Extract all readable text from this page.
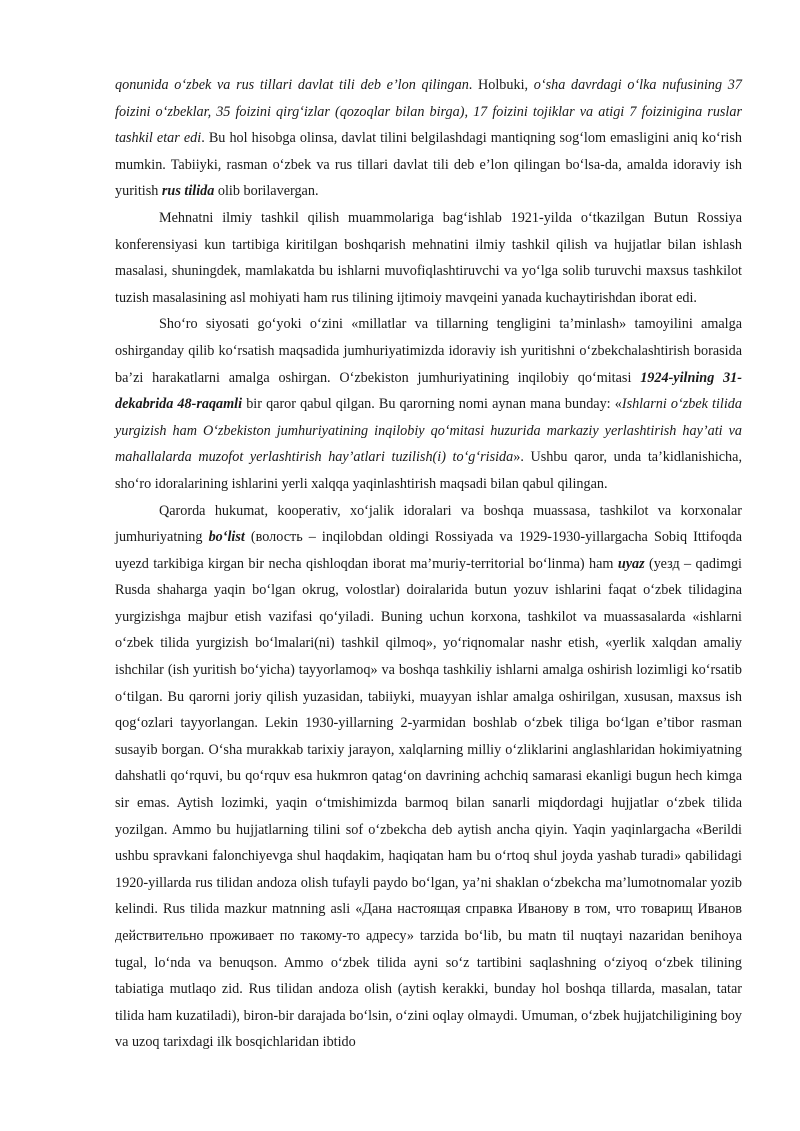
qonunida o‘zbek va rus tillari davlat tili deb e’lon qilingan. Holbuki, o‘sha davrdagi o‘lka nufusining 37 foizini o‘zbeklar, 35 foizini qirg‘izlar (qozoqlar bilan birga), 17 foizini tojiklar va atigi 7 foizinigina ruslar tashkil etar edi. Bu hol hisobga olinsa, davlat tilini belgilashdagi mantiqning sog‘lom emasligini aniq ko‘rish mumkin. Tabiiyki, rasman o‘zbek va rus tillari davlat tili deb e’lon qilingan bo‘lsa-da, amalda idoraviy ish yuritish rus tilida olib borilavergan.

Mehnatni ilmiy tashkil qilish muammolariga bag‘ishlab 1921-yilda o‘tkazilgan Butun Rossiya konferensiyasi kun tartibiga kiritilgan boshqarish mehnatini ilmiy tashkil qilish va hujjatlar bilan ishlash masalasi, shuningdek, mamlakatda bu ishlarni muvofiqlashtiruvchi va yo‘lga solib turuvchi maxsus tashkilot tuzish masalasining asl mohiyati ham rus tilining ijtimoiy mavqeini yanada kuchaytirishdan iborat edi.

Sho‘ro siyosati go‘yoki o‘zini «millatlar va tillarning tengligini ta’minlash» tamoyilini amalga oshirganday qilib ko‘rsatish maqsadida jumhuriyatimizda idoraviy ish yuritishni o‘zbekchalashtirish borasida ba’zi harakatlarni amalga oshirgan. O‘zbekiston jumhuriyatining inqilobiy qo‘mitasi 1924-yilning 31-dekabrida 48-raqamli bir qaror qabul qilgan. Bu qarorning nomi aynan mana bunday: «Ishlarni o‘zbek tilida yurgizish ham O‘zbekiston jumhuriyatining inqilobiy qo‘mitasi huzurida markaziy yerlashtirish hay’ati va mahallalarda muzofot yerlashtirish hay’atlari tuzilish(i) to‘g‘risida». Ushbu qaror, unda ta’kidlanishicha, sho‘ro idoralarining ishlarini yerli xalqqa yaqinlashtirish maqsadi bilan qabul qilingan.

Qarorda hukumat, kooperativ, xo‘jalik idoralari va boshqa muassasa, tashkilot va korxonalar jumhuriyatning bo‘list (волость – inqilobdan oldingi Rossiyada va 1929-1930-yillargacha Sobiq Ittifoqda uyezd tarkibiga kirgan bir necha qishloqdan iborat ma’muriy-territorial bo‘linma) ham uyaz (уезд – qadimgi Rusda shaharga yaqin bo‘lgan okrug, volostlar) doiralarida butun yozuv ishlarini faqat o‘zbek tilidagina yurgizishga majbur etish vazifasi qo‘yiladi. Buning uchun korxona, tashkilot va muassasalarda «ishlarni o‘zbek tilida yurgizish bo‘lmalari(ni) tashkil qilmoq», yo‘riqnomalar nashr etish, «yerlik xalqdan amaliy ishchilar (ish yuritish bo‘yicha) tayyorlamoq» va boshqa tashkiliy ishlarni amalga oshirish lozimligi ko‘rsatib o‘tilgan. Bu qarorni joriy qilish yuzasidan, tabiiyki, muayyan ishlar amalga oshirilgan, xususan, maxsus ish qog‘ozlari tayyorlangan. Lekin 1930-yillarning 2-yarmidan boshlab o‘zbek tiliga bo‘lgan e’tibor rasman susayib borgan. O‘sha murakkab tarixiy jarayon, xalqlarning milliy o‘zliklarini anglashlaridan hokimiyatning dahshatli qo‘rquvi, bu qo‘rquv esa hukmron qatag‘on davrining achchiq samarasi ekanligi bugun hech kimga sir emas. Aytish lozimki, yaqin o‘tmishimizda barmoq bilan sanarli miqdordagi hujjatlar o‘zbek tilida yozilgan. Ammo bu hujjatlarning tilini sof o‘zbekcha deb aytish ancha qiyin. Yaqin yaqinlargacha «Berildi ushbu spravkani falonchiyevga shul haqdakim, haqiqatan ham bu o‘rtoq shul joyda yashab turadi» qabilidagi 1920-yillarda rus tilidan andoza olish tufayli paydo bo‘lgan, ya’ni shaklan o‘zbekcha ma’lumotnomalar yozib kelindi. Rus tilida mazkur matnning asli «Дана настоящая справка Иванову в том, что товарищ Иванов действительно проживает по такому-то адресу» tarzida bo‘lib, bu matn til nuqtayi nazaridan benihoya tugal, lo‘nda va benuqson. Ammo o‘zbek tilida ayni so‘z tartibini saqlashning o‘ziyoq o‘zbek tilining tabiatiga mutlaqo zid. Rus tilidan andoza olish (aytish kerakki, bunday hol boshqa tillarda, masalan, tatar tilida ham kuzatiladi), biron-bir darajada bo‘lsin, o‘zini oqlay olmaydi. Umuman, o‘zbek hujjatchiligining boy va uzoq tarixdagi ilk bosqichlaridan ibtido
